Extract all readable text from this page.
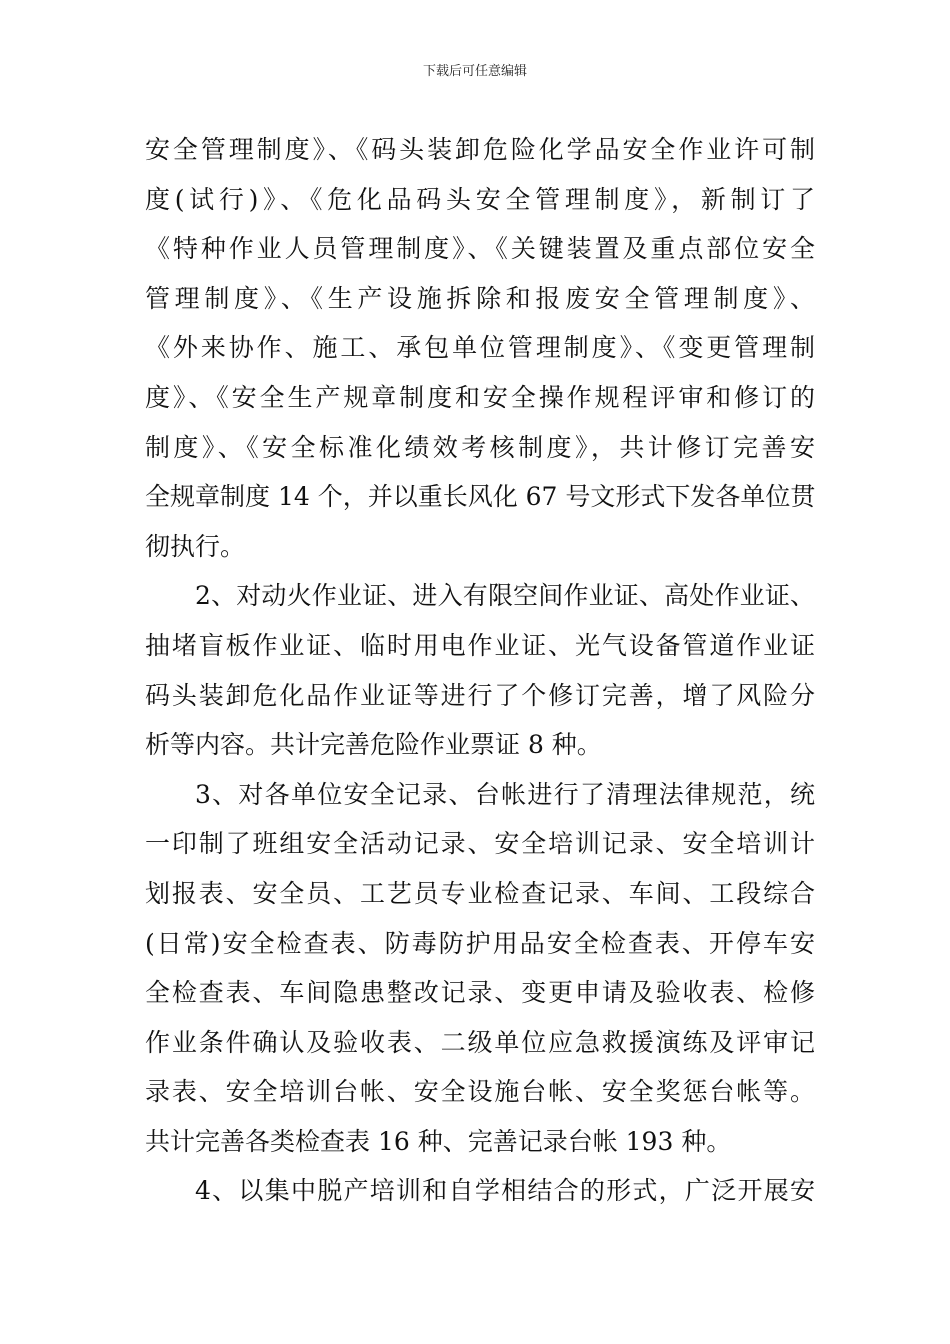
下载后可任意编辑
安全管理制度》、《码头装卸危险化学品安全作业许可制
度(试行)》、《危化品码头安全管理制度》，新制订了
《特种作业人员管理制度》、《关键装置及重点部位安全
管理制度》、《生产设施拆除和报废安全管理制度》、
《外来协作、施工、承包单位管理制度》、《变更管理制
度》、《安全生产规章制度和安全操作规程评审和修订的
制度》、《安全标准化绩效考核制度》，共计修订完善安
全规章制度 14 个，并以重长风化 67 号文形式下发各单位贯
彻执行。
2、对动火作业证、进入有限空间作业证、高处作业证、
抽堵盲板作业证、临时用电作业证、光气设备管道作业证
码头装卸危化品作业证等进行了个修订完善，增了风险分
析等内容。共计完善危险作业票证 8 种。
3、对各单位安全记录、台帐进行了清理法律规范，统
一印制了班组安全活动记录、安全培训记录、安全培训计
划报表、安全员、工艺员专业检查记录、车间、工段综合
(日常)安全检查表、防毒防护用品安全检查表、开停车安
全检查表、车间隐患整改记录、变更申请及验收表、检修
作业条件确认及验收表、二级单位应急救援演练及评审记
录表、安全培训台帐、安全设施台帐、安全奖惩台帐等。
共计完善各类检查表 16 种、完善记录台帐 193 种。
4、以集中脱产培训和自学相结合的形式，广泛开展安
